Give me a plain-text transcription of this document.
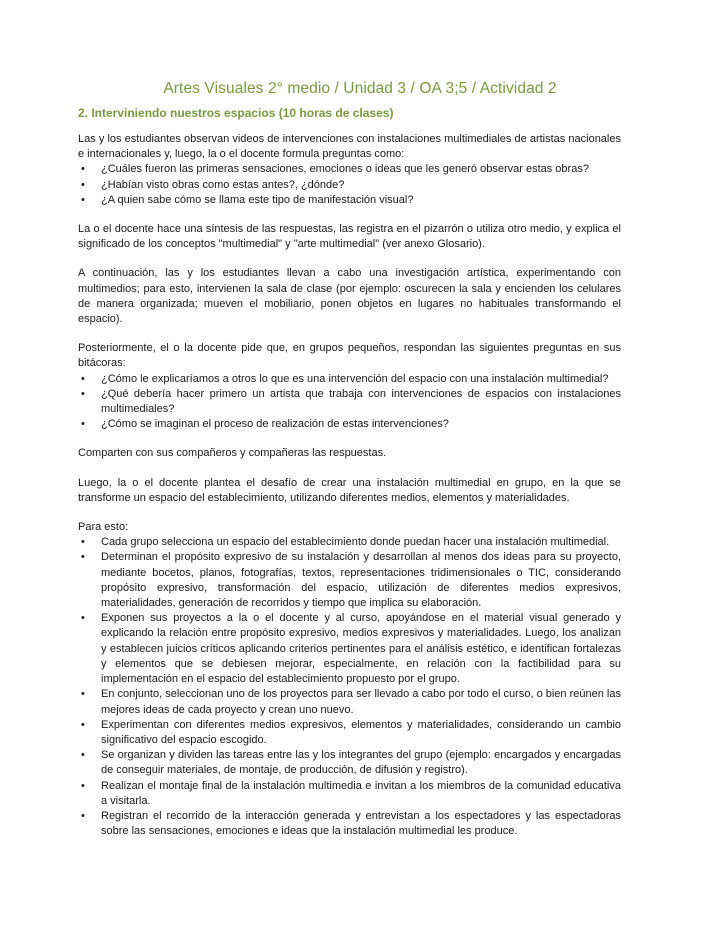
Artes Visuales 2° medio / Unidad 3 / OA 3;5 / Actividad 2
2. Interviniendo nuestros espacios (10 horas de clases)

Las y los estudiantes observan videos de intervenciones con instalaciones multimediales de artistas nacionales e internacionales y, luego, la o el docente formula preguntas como:

• ¿Cuáles fueron las primeras sensaciones, emociones o ideas que les generó observar estas obras?
• ¿Habían visto obras como estas antes?, ¿dónde?
• ¿A quien sabe cómo se llama este tipo de manifestación visual?

La o el docente hace una síntesis de las respuestas, las registra en el pizarrón o utiliza otro medio, y explica el significado de los conceptos "multimedial" y "arte multimedial" (ver anexo Glosario).

A continuación, las y los estudiantes llevan a cabo una investigación artística, experimentando con multimedios; para esto, intervienen la sala de clase (por ejemplo: oscurecen la sala y encienden los celulares de manera organizada; mueven el mobiliario, ponen objetos en lugares no habituales transformando el espacio).

Posteriormente, el o la docente pide que, en grupos pequeños, respondan las siguientes preguntas en sus bitácoras:

• ¿Cómo le explicaríamos a otros lo que es una intervención del espacio con una instalación multimedial?
• ¿Qué debería hacer primero un artista que trabaja con intervenciones de espacios con instalaciones multimediales?
• ¿Cómo se imaginan el proceso de realización de estas intervenciones?

Comparten con sus compañeros y compañeras las respuestas.

Luego, la o el docente plantea el desafío de crear una instalación multimedial en grupo, en la que se transforme un espacio del establecimiento, utilizando diferentes medios, elementos y materialidades.

Para esto:

• Cada grupo selecciona un espacio del establecimiento donde puedan hacer una instalación multimedial.
• Determinan el propósito expresivo de su instalación y desarrollan al menos dos ideas para su proyecto, mediante bocetos, planos, fotografías, textos, representaciones tridimensionales o TIC, considerando propósito expresivo, transformación del espacio, utilización de diferentes medios expresivos, materialidades, generación de recorridos y tiempo que implica su elaboración.
• Exponen sus proyectos a la o el docente y al curso, apoyándose en el material visual generado y explicando la relación entre propósito expresivo, medios expresivos y materialidades. Luego, los analizan y establecen juicios críticos aplicando criterios pertinentes para el análisis estético, e identifican fortalezas y elementos que se debiesen mejorar, especialmente, en relación con la factibilidad para su implementación en el espacio del establecimiento propuesto por el grupo.
• En conjunto, seleccionan uno de los proyectos para ser llevado a cabo por todo el curso, o bien reúnen las mejores ideas de cada proyecto y crean uno nuevo.
• Experimentan con diferentes medios expresivos, elementos y materialidades, considerando un cambio significativo del espacio escogido.
• Se organizan y dividen las tareas entre las y los integrantes del grupo (ejemplo: encargados y encargadas de conseguir materiales, de montaje, de producción, de difusión y registro).
• Realizan el montaje final de la instalación multimedia e invitan a los miembros de la comunidad educativa a visitarla.
• Registran el recorrido de la interacción generada y entrevistan a los espectadores y las espectadoras sobre las sensaciones, emociones e ideas que la instalación multimedial les produce.
